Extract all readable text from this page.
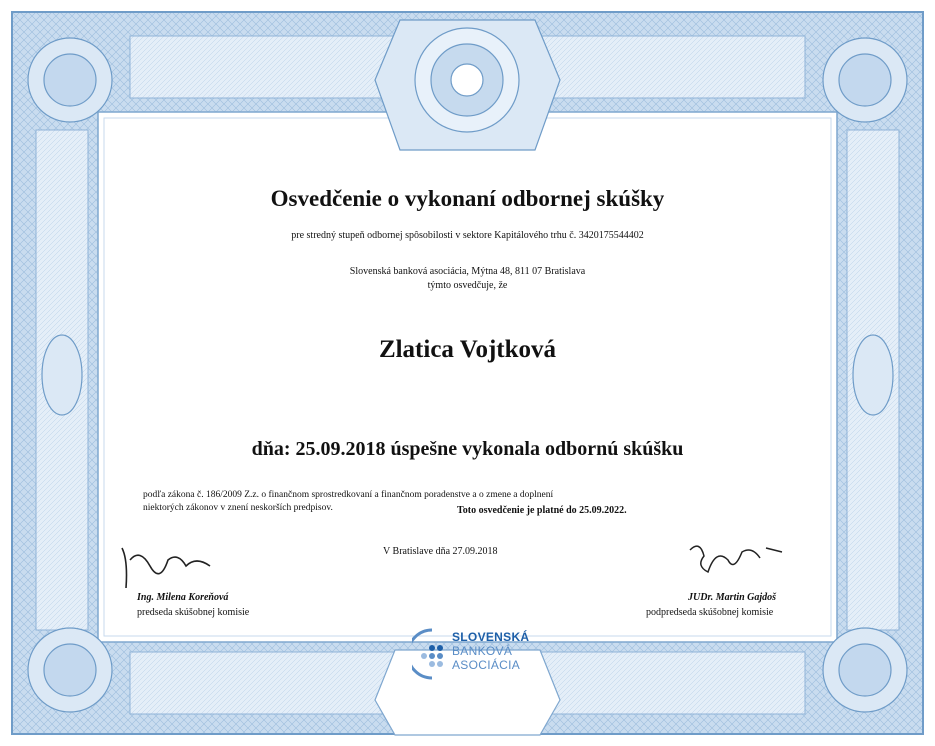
Osvedčenie o vykonaní odbornej skúšky
pre stredný stupeň odbornej spôsobilosti v sektore Kapitálového trhu č. 3420175544402
Slovenská banková asociácia, Mýtna 48, 811 07 Bratislava
týmto osvedčuje, že
Zlatica Vojtková
dňa: 25.09.2018 úspešne vykonala odbornú skúšku
podľa zákona č. 186/2009 Z.z. o finančnom sprostredkovaní a finančnom poradenstve a o zmene a doplnení
niektorých zákonov v znení neskorších predpisov.	Toto osvedčenie je platné do 25.09.2022.
V Bratislave dňa 27.09.2018
Ing. Milena Koreňová
predseda skúšobnej komisie
JUDr. Martin Gajdoš
podpredseda skúšobnej komisie
SLOVENSKÁ
BANKOVÁ
ASOCIÁCIA
